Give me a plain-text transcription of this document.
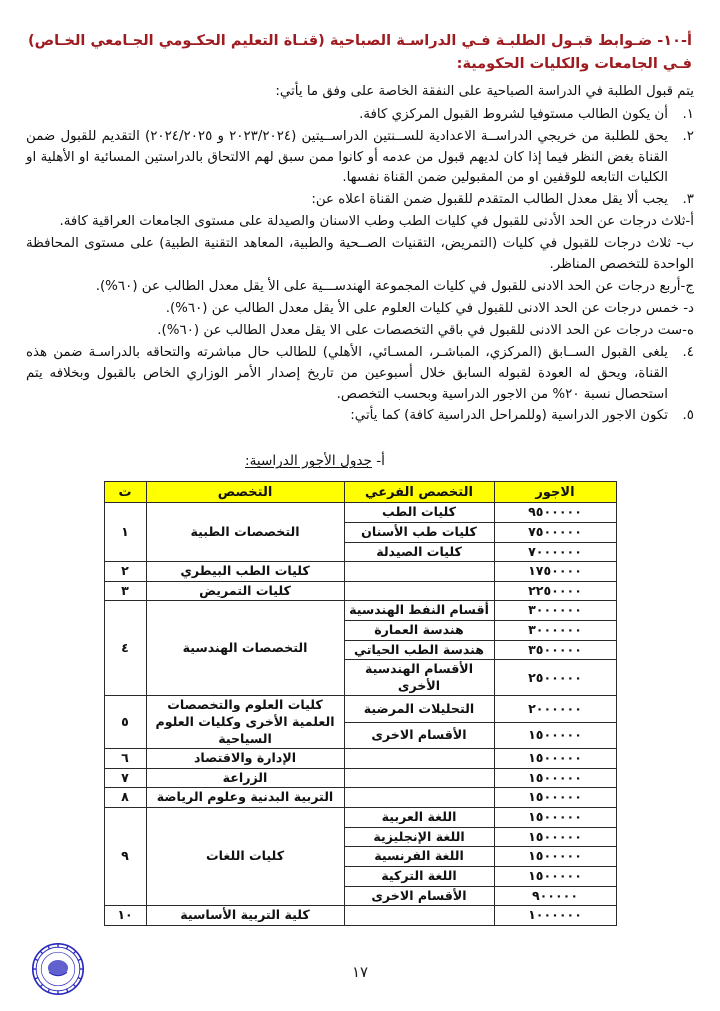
أ-١٠- ضـوابط قبـول الطلبـة فـي الدراسـة الصباحية (قنـاة التعليم الحكـومي الجـامعي الخـاص) فـي الجامعات والكليات الحكومية:

يتم قبول الطلبة في الدراسة الصباحية على النفقة الخاصة على وفق ما يأتي:

١.
أن يكون الطالب مستوفيا لشروط القبول المركزي كافة.
٢.
يحق للطلبة من خريجي الدراســة الاعدادية للســنتين الدراســيتين (٢٠٢٣/٢٠٢٤ و ٢٠٢٤/٢٠٢٥) التقديم للقبول ضمن القناة بغض النظر فيما إذا كان لديهم قبول من عدمه أو كانوا ممن سبق لهم الالتحاق بالدراستين المسائية او الأهلية او الكليات التابعه للوقفين او من المقبولين ضمن القناة نفسها.
٣.
يجب ألا يقل معدل الطالب المتقدم للقبول ضمن القناة اعلاه عن:
أ-ثلاث درجات عن الحد الأدنى للقبول في كليات الطب وطب الاسنان والصيدلة على مستوى الجامعات العراقية كافة.
ب- ثلاث درجات للقبول في كليات (التمريض، التقنيات الصــحية والطبية، المعاهد التقنية الطبية) على مستوى المحافظة الواحدة للتخصص المناظر.
ج-أربع درجات عن الحد الادنى للقبول في كليات المجموعة الهندســـية على الأ يقل معدل الطالب عن (٦٠%).
د- خمس درجات عن الحد الادنى للقبول في كليات العلوم على الأ يقل معدل الطالب عن (٦٠%).
ه-ست درجات عن الحد الادنى للقبول في باقي التخصصات على الا يقل معدل الطالب عن (٦٠%).
٤.
يلغى القبول الســابق (المركزي، المباشـر، المسـائي، الأهلي) للطالب حال مباشرته والتحاقه بالدراسـة ضمن هذه القناة، ويحق له العودة لقبوله السابق خلال أسبوعين من تاريخ إصدار الأمر الوزاري الخاص بالقبول وبخلافه يتم استحصال نسبة ٢٠% من الاجور الدراسية وبحسب التخصص.
٥.
تكون الاجور الدراسية (وللمراحل الدراسية كافة) كما يأتي:
أ- جدول الأجور الدراسية:
الاجور	التخصص الفرعي	التخصص	ت
٩٥٠٠٠٠٠	كليات الطب	التخصصات الطبية	١
٧٥٠٠٠٠٠	كليات طب الأسنان		
٧٠٠٠٠٠٠	كليات الصيدلة		
١٧٥٠٠٠٠		كليات الطب البيطري	٢
٢٢٥٠٠٠٠		كليات التمريض	٣
٣٠٠٠٠٠٠	أقسام النفط الهندسية	التخصصات الهندسية	٤
٣٠٠٠٠٠٠	هندسة العمارة		
٣٥٠٠٠٠٠	هندسة الطب الحياتي		
٢٥٠٠٠٠٠	الأقسام الهندسية الأخرى		
٢٠٠٠٠٠٠	التحليلات المرضية	كليات العلوم والتخصصات العلمية الأخرى وكليات العلوم السياحية	٥
١٥٠٠٠٠٠	الأقسام الاخرى		
١٥٠٠٠٠٠		الإدارة والاقتصاد	٦
١٥٠٠٠٠٠		الزراعة	٧
١٥٠٠٠٠٠		التربية البدنية وعلوم الرياضة	٨
١٥٠٠٠٠٠	اللغة العربية	كليات اللغات	٩
١٥٠٠٠٠٠	اللغة الإنجليزية		
١٥٠٠٠٠٠	اللغة الفرنسية		
١٥٠٠٠٠٠	اللغة التركية		
٩٠٠٠٠٠	الأقسام الاخرى		
١٠٠٠٠٠٠		كلية التربية الأساسية	١٠
١٧
